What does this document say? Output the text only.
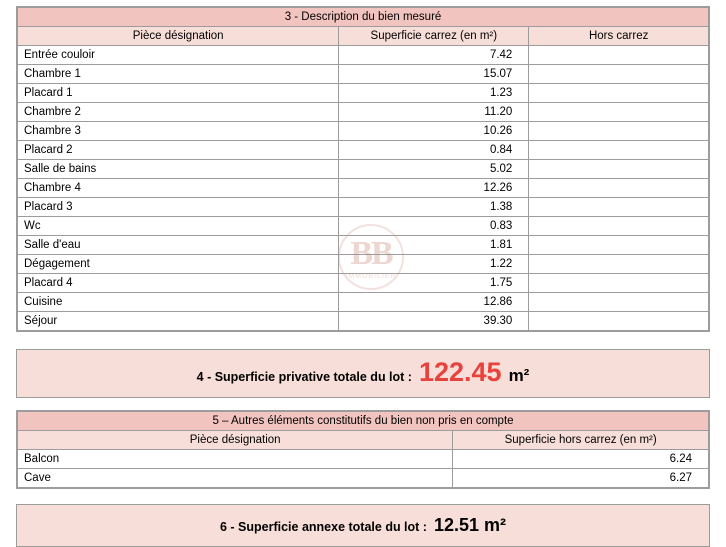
BB
IMMOBILIER
3 - Description du bien mesuré		
Pièce désignation	Superficie carrez (en m²)	Hors carrez
Entrée couloir	7.42	
Chambre 1	15.07	
Placard 1	1.23	
Chambre 2	11.20	
Chambre 3	10.26	
Placard 2	0.84	
Salle de bains	5.02	
Chambre 4	12.26	
Placard 3	1.38	
Wc	0.83	
Salle d'eau	1.81	
Dégagement	1.22	
Placard 4	1.75	
Cuisine	12.86	
Séjour	39.30	
4 - Superficie privative totale du lot : 122.45 m²
5 – Autres éléments constitutifs du bien non pris en compte	
Pièce désignation	Superficie hors carrez (en m²)
Balcon	6.24
Cave	6.27
6 - Superficie annexe totale du lot : 12.51 m²
